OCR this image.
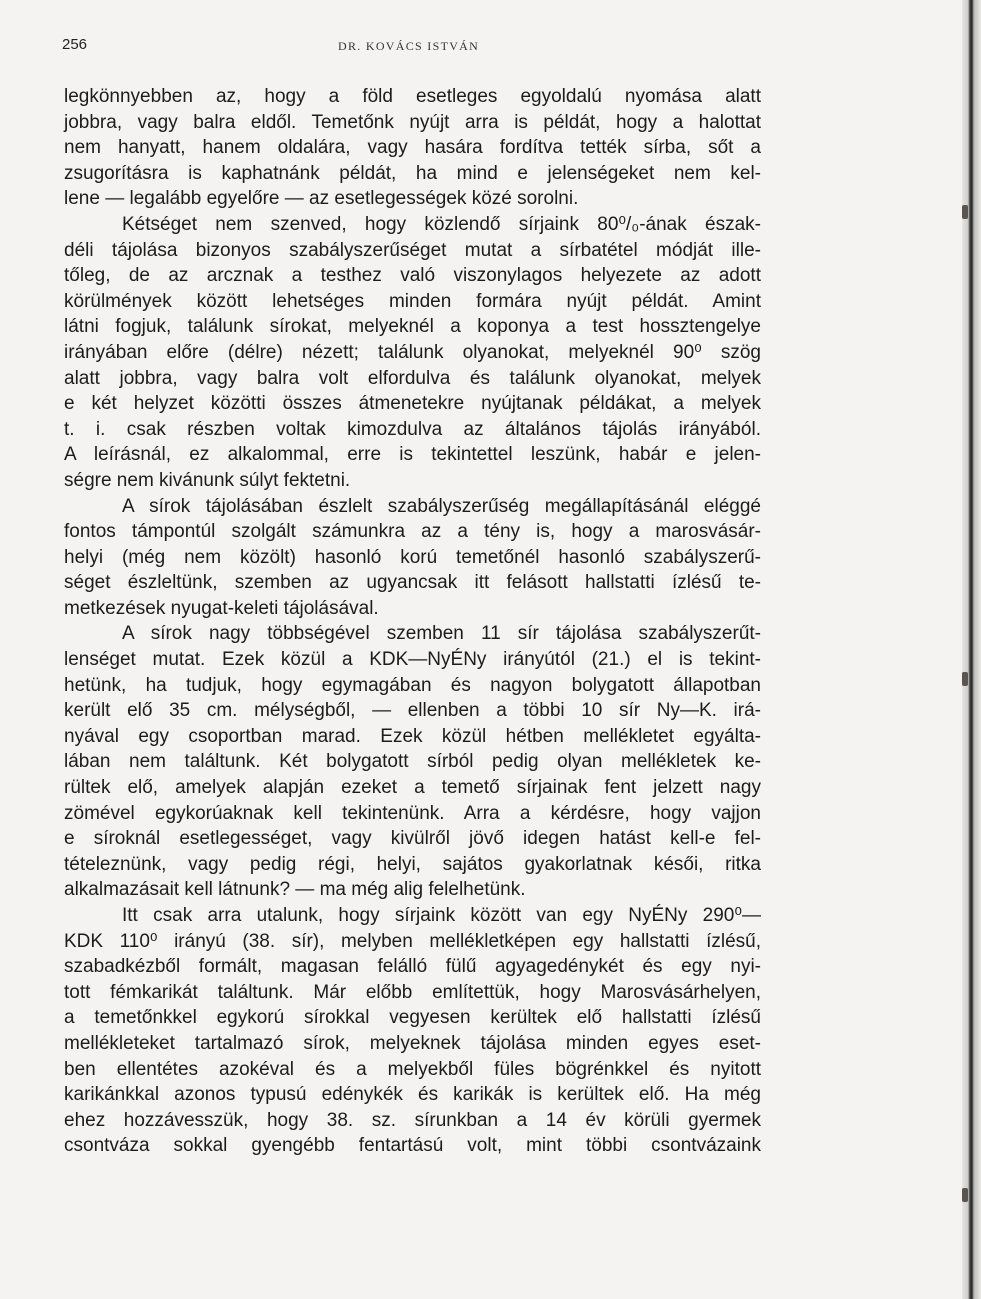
256	DR. KOVÁCS ISTVÁN
legkönnyebben az, hogy a föld esetleges egyoldalú nyomása alatt
jobbra, vagy balra eldől. Temetőnk nyújt arra is példát, hogy a halottat
nem hanyatt, hanem oldalára, vagy hasára fordítva tették sírba, sőt a
zsugorításra is kaphatnánk példát, ha mind e jelenségeket nem kel-
lene — legalább egyelőre — az esetlegességek közé sorolni.
Kétséget nem szenved, hogy közlendő sírjaink 80⁰/₀-ának észak-
déli tájolása bizonyos szabályszerűséget mutat a sírbatétel módját ille-
tőleg, de az arcznak a testhez való viszonylagos helyezete az adott
körülmények között lehetséges minden formára nyújt példát. Amint
látni fogjuk, találunk sírokat, melyeknél a koponya a test hossztengelye
irányában előre (délre) nézett; találunk olyanokat, melyeknél 90⁰ szög
alatt jobbra, vagy balra volt elfordulva és találunk olyanokat, melyek
e két helyzet közötti összes átmenetekre nyújtanak példákat, a melyek
t. i. csak részben voltak kimozdulva az általános tájolás irányából.
A leírásnál, ez alkalommal, erre is tekintettel leszünk, habár e jelen-
ségre nem kivánunk súlyt fektetni.
A sírok tájolásában észlelt szabályszerűség megállapításánál eléggé
fontos támpontúl szolgált számunkra az a tény is, hogy a marosvásár-
helyi (még nem közölt) hasonló korú temetőnél hasonló szabályszerű-
séget észleltünk, szemben az ugyancsak itt felásott hallstatti ízlésű te-
metkezések nyugat-keleti tájolásával.
A sírok nagy többségével szemben 11 sír tájolása szabályszerűt-
lenséget mutat. Ezek közül a KDK—NyÉNy irányútól (21.) el is tekint-
hetünk, ha tudjuk, hogy egymagában és nagyon bolygatott állapotban
került elő 35 cm. mélységből, — ellenben a többi 10 sír Ny—K. irá-
nyával egy csoportban marad. Ezek közül hétben mellékletet egyálta-
lában nem találtunk. Két bolygatott sírból pedig olyan mellékletek ke-
rültek elő, amelyek alapján ezeket a temető sírjainak fent jelzett nagy
zömével egykorúaknak kell tekintenünk. Arra a kérdésre, hogy vajjon
e síroknál esetlegességet, vagy kivülről jövő idegen hatást kell-e fel-
tételeznünk, vagy pedig régi, helyi, sajátos gyakorlatnak késői, ritka
alkalmazásait kell látnunk? — ma még alig felelhetünk.
Itt csak arra utalunk, hogy sírjaink között van egy NyÉNy 290⁰—
KDK 110⁰ irányú (38. sír), melyben mellékletképen egy hallstatti ízlésű,
szabadkézből formált, magasan felálló fülű agyagedénykét és egy nyi-
tott fémkarikát találtunk. Már előbb említettük, hogy Marosvásárhelyen,
a temetőnkkel egykorú sírokkal vegyesen kerültek elő hallstatti ízlésű
mellékleteket tartalmazó sírok, melyeknek tájolása minden egyes eset-
ben ellentétes azokéval és a melyekből füles bögrénkkel és nyitott
karikánkkal azonos typusú edénykék és karikák is kerültek elő. Ha még
ehez hozzávesszük, hogy 38. sz. sírunkban a 14 év körüli gyermek
csontváza sokkal gyengébb fentartású volt, mint többi csontvázaink
